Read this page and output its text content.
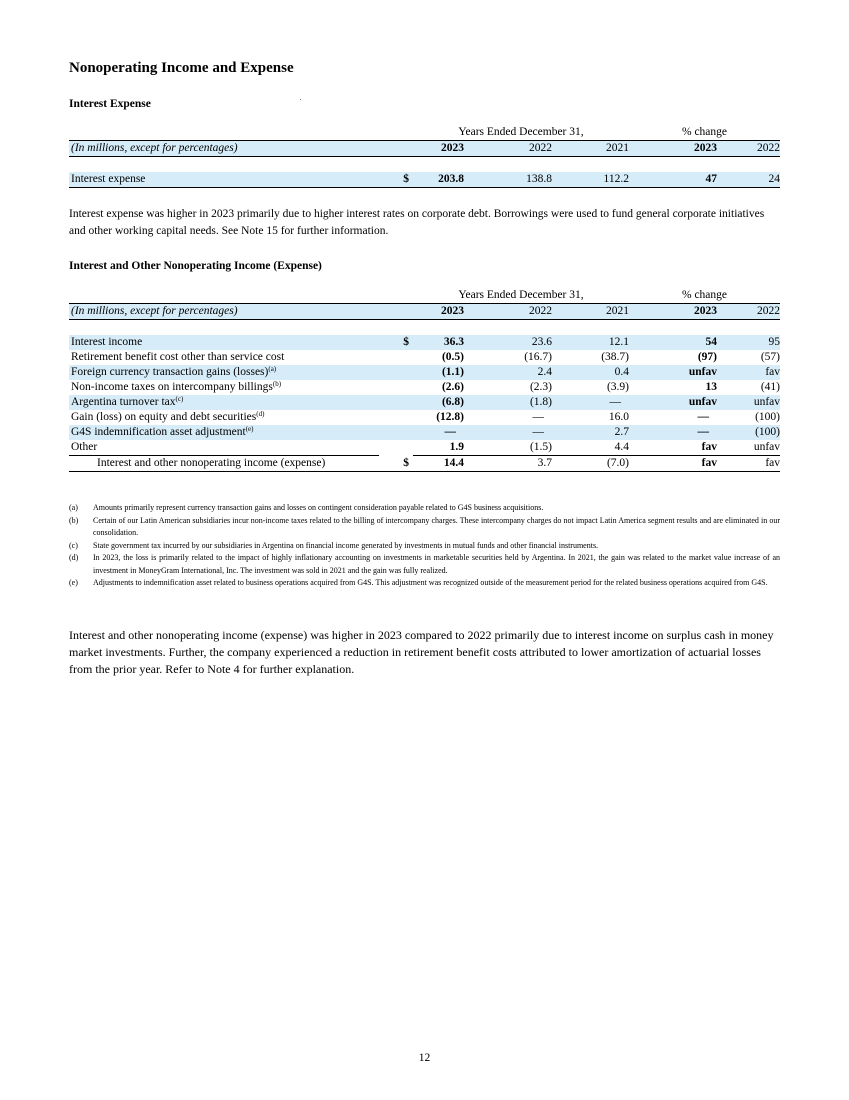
Nonoperating Income and Expense
Interest Expense
		Years Ended December 31,			% change	
(In millions, except for percentages)		2023	2022	2021	2023	2022

Interest expense	$	203.8	138.8	112.2	47	24

Interest expense was higher in 2023 primarily due to higher interest rates on corporate debt. Borrowings were used to fund general corporate initiatives and other working capital needs. See Note 15 for further information.

Interest and Other Nonoperating Income (Expense)
		Years Ended December 31,			% change	
(In millions, except for percentages)		2023	2022	2021	2023	2022

Interest income	$	36.3	23.6	12.1	54	95
Retirement benefit cost other than service cost		(0.5)	(16.7)	(38.7)	(97)	(57)
Foreign currency transaction gains (losses)$^{(a)}$		(1.1)	2.4	0.4	unfav	fav
Non-income taxes on intercompany billings$^{(b)}$		(2.6)	(2.3)	(3.9)	13	(41)
Argentina turnover tax$^{(c)}$		(6.8)	(1.8)	—	unfav	unfav
Gain (loss) on equity and debt securities$^{(d)}$		(12.8)	—	16.0	—	(100)
G4S indemnification asset adjustment$^{(e)}$		—	—	2.7	—	(100)
Other		1.9	(1.5)	4.4	fav	unfav
Interest and other nonoperating income (expense)	$	14.4	3.7	(7.0)	fav	fav
(a)	Amounts primarily represent currency transaction gains and losses on contingent consideration payable related to G4S business acquisitions.
(b)	Certain of our Latin American subsidiaries incur non-income taxes related to the billing of intercompany charges. These intercompany charges do not impact Latin America segment results and are eliminated in our consolidation.
(c)	State government tax incurred by our subsidiaries in Argentina on financial income generated by investments in mutual funds and other financial instruments.
(d)	In 2023, the loss is primarily related to the impact of highly inflationary accounting on investments in marketable securities held by Argentina. In 2021, the gain was related to the market value increase of an investment in MoneyGram International, Inc. The investment was sold in 2021 and the gain was fully realized.
(e)	Adjustments to indemnification asset related to business operations acquired from G4S. This adjustment was recognized outside of the measurement period for the related business operations acquired from G4S.

Interest and other nonoperating income (expense) was higher in 2023 compared to 2022 primarily due to interest income on surplus cash in money market investments. Further, the company experienced a reduction in retirement benefit costs attributed to lower amortization of actuarial losses from the prior year. Refer to Note 4 for further explanation.

12
